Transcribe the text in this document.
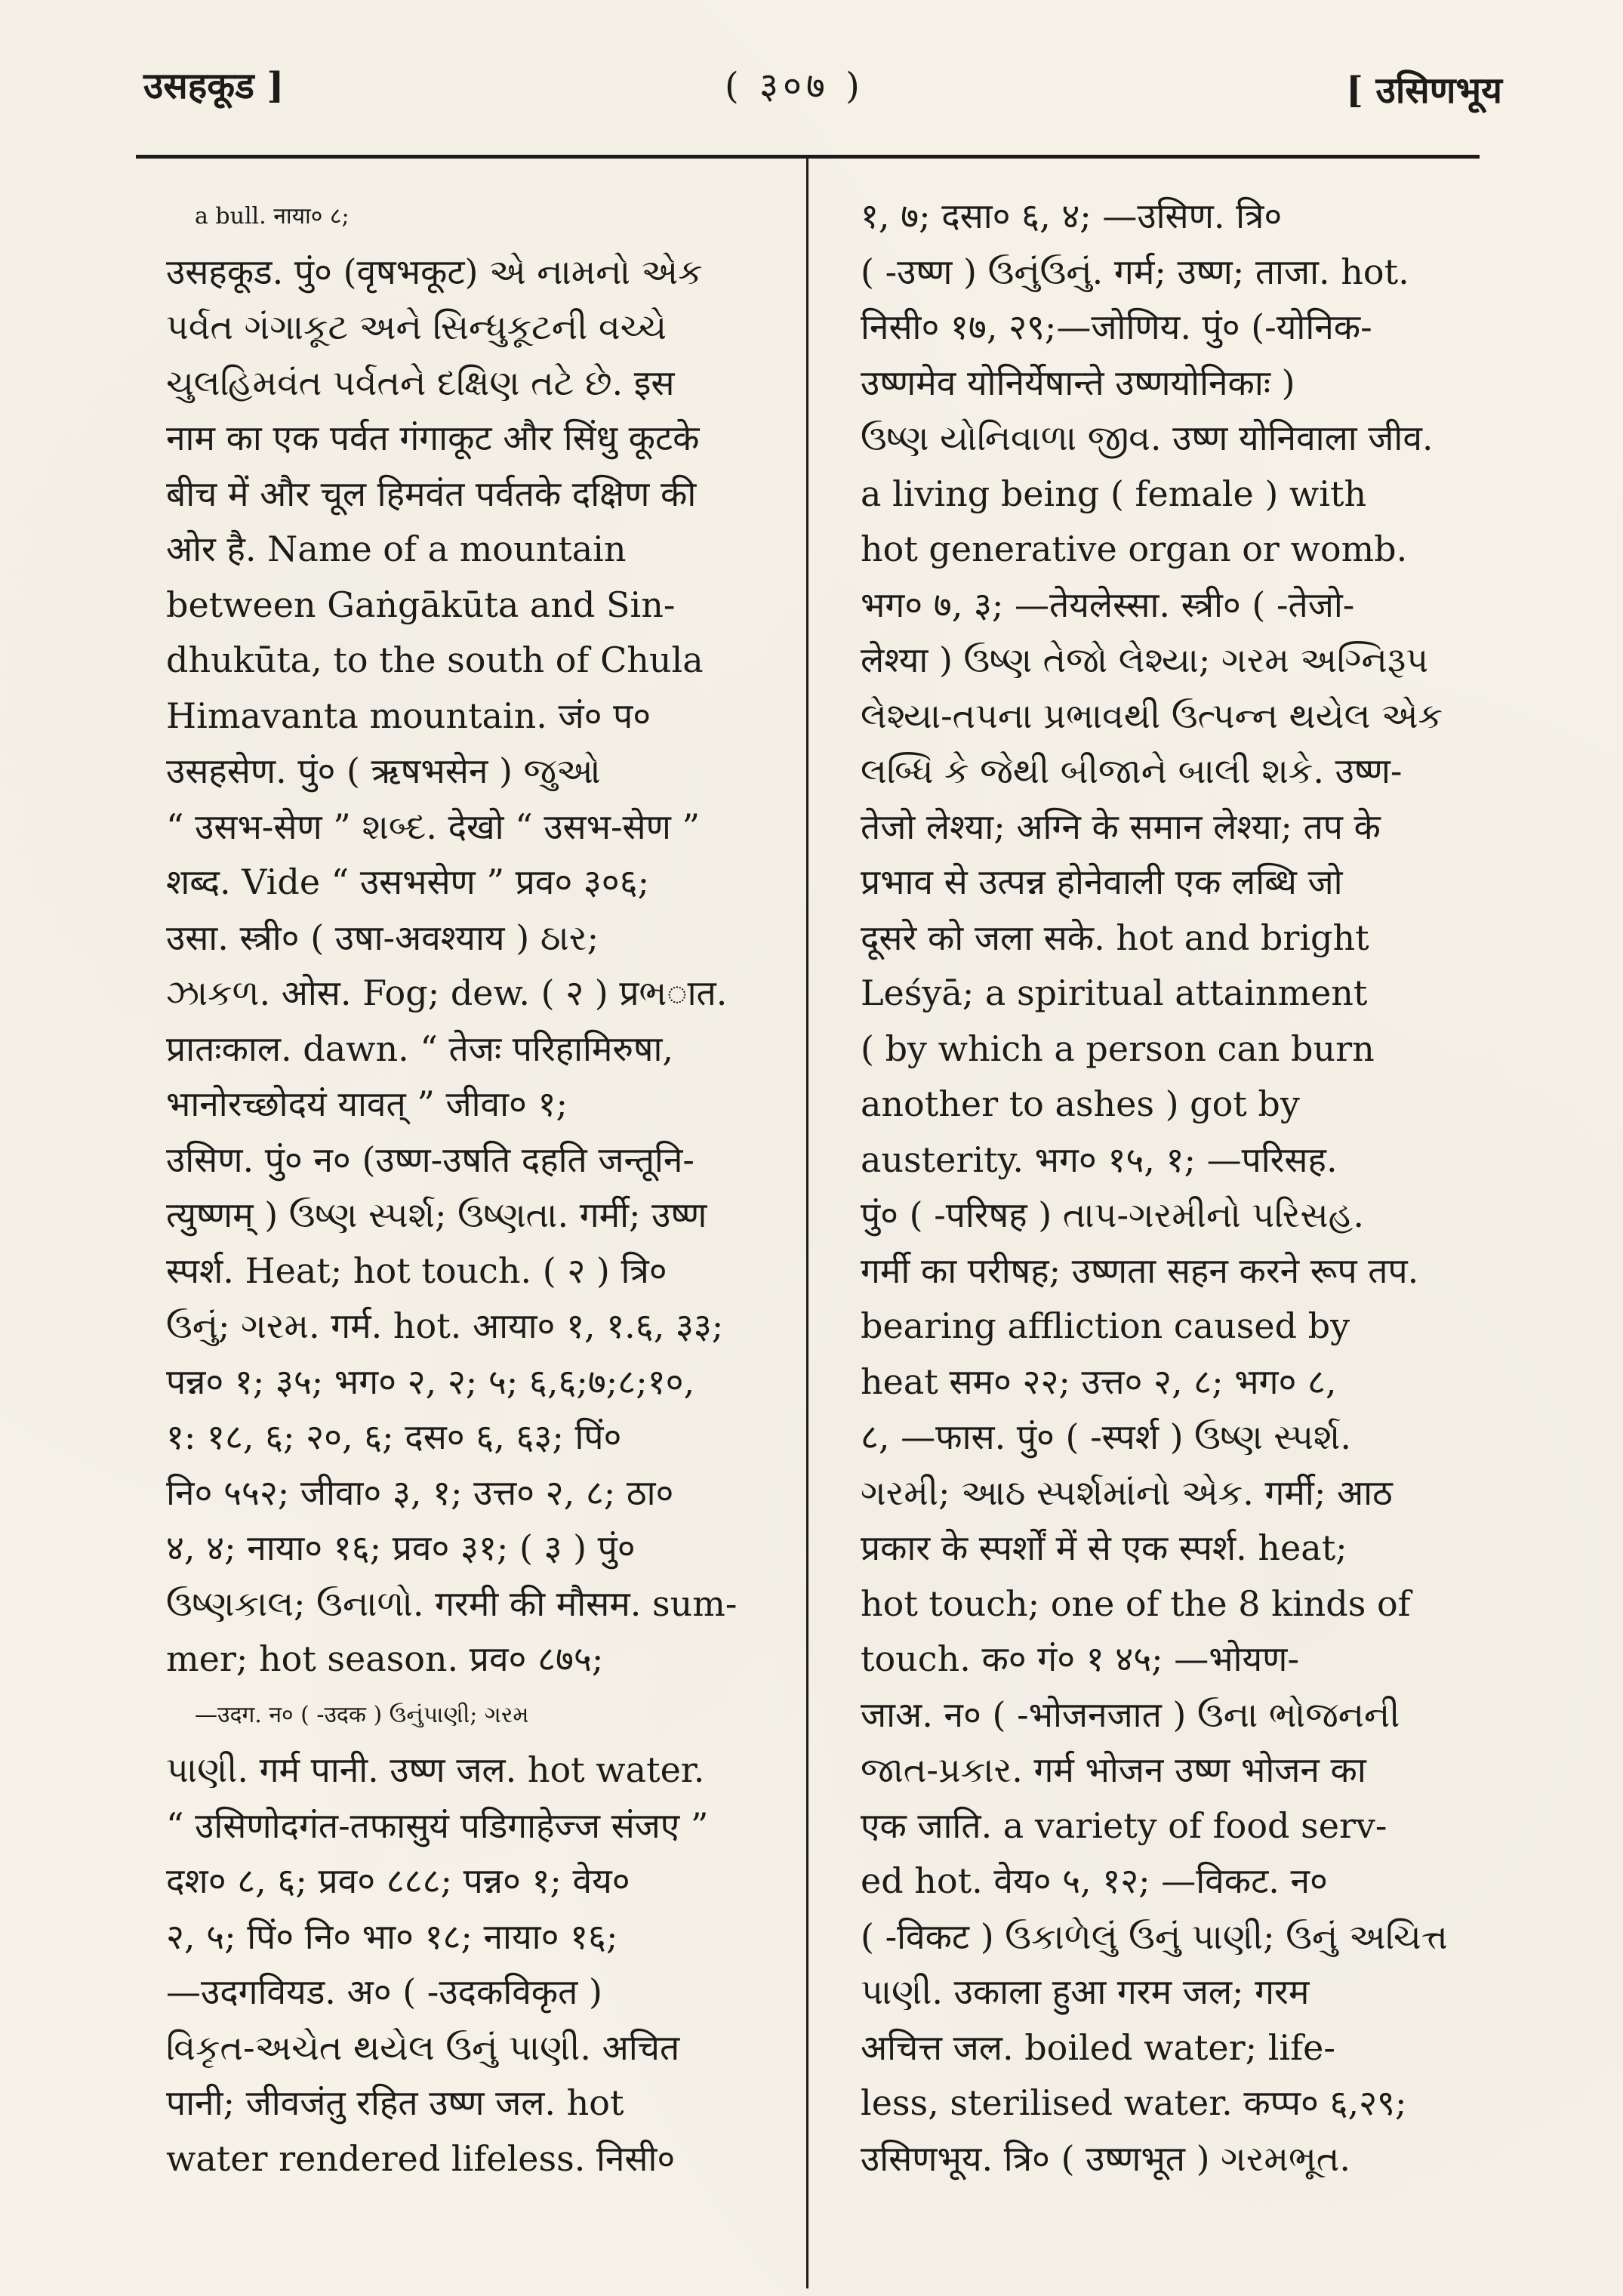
उसहकूड ]	( ३०७ )	[ उसिणभूय
a bull. नाया० ८;
उसहकूड. पुं० (वृषभकूट) એ નામનો એક
પર્વત ગંગાકૂટ અને સિન્ધુકૂટની વચ્ચે
ચુલહિમવંત પર્વતને દક્ષિણ તટે છે. इस
नाम का एक पर्वत गंगाकूट और सिंधु कूटके
बीच में और चूल हिमवंत पर्वतके दक्षिण की
ओर है. Name of a mountain
between Gaṅgākūta and Sin-
dhukūta, to the south of Chula
Himavanta mountain. जं० प०
उसहसेण. पुं० ( ऋषभसेन ) જુઓ
“ उसभ-सेण ” શબ્દ. देखो “ उसभ-सेण ”
शब्द. Vide “ उसभसेण ” प्रव० ३०६;
उसा. स्त्री० ( उषा-अवश्याय ) ઠાર;
ઝાકળ. ओस. Fog; dew. ( २ ) प्रભात.
प्रातःकाल. dawn. “ तेजः परिहामिरुषा,
भानोरच्छोदयं यावत् ” जीवा० १;
उसिण. पुं० न० (उष्ण-उषति दहति जन्तूनि-
त्युष्णम् ) ઉષ્ણ સ્પર્શ; ઉષ્ણતા. गर्मी; उष्ण
स्पर्श. Heat; hot touch. ( २ ) त्रि०
ઉનું; ગરમ. गर्म. hot. आया० १, १.६, ३३;
पन्न० १; ३५; भग० २, २; ५; ६,६;७;८;१०,
१: १८, ६; २०, ६; दस० ६, ६३; पिं०
नि० ५५२; जीवा० ३, १; उत्त० २, ८; ठा०
४, ४; नाया० १६; प्रव० ३१; ( ३ ) पुं०
ઉષ્ણકાલ; ઉનાળો. गरमी की मौसम. sum-
mer; hot season. प्रव० ८७५;
—उदग. न० ( -उदक ) ઉનુંપાણી; ગરમ
પાણી. गर्म पानी. उष्ण जल. hot water.
“ उसिणोदगंत-तफासुयं पडिगाहेज्ज संजए ”
दश० ८, ६; प्रव० ८८८; पन्न० १; वेय०
२, ५; पिं० नि० भा० १८; नाया० १६;
—उदगवियड. अ० ( -उदकविकृत )
વિકૃત-અચેત થયેલ ઉનું પાણી. अचित
पानी; जीवजंतु रहित उष्ण जल. hot
water rendered lifeless. निसी०
१, ७; दसा० ६, ४; —उसिण. त्रि०
( -उष्ण ) ઉનુંઉનું. गर्म; उष्ण; ताजा. hot.
निसी० १७, २९;—जोणिय. पुं० (-योनिक-
उष्णमेव योनिर्येषान्ते उष्णयोनिकाः )
ઉષ્ણ યોનિવાળા જીવ. उष्ण योनिवाला जीव.
a living being ( female ) with
hot generative organ or womb.
भग० ७, ३; —तेयलेस्सा. स्त्री० ( -तेजो-
लेश्या ) ઉષ્ણ તેજો લેશ્યા; ગરમ અગ્નિરૂપ
લેશ્યા-તપના પ્રભાવથી ઉત્પન્ન થયેલ એક
લબ્ધિ કે જેથી બીજાને બાલી શકે. उष्ण-
तेजो लेश्या; अग्नि के समान लेश्या; तप के
प्रभाव से उत्पन्न होनेवाली एक लब्धि जो
दूसरे को जला सके. hot and bright
Leśyā; a spiritual attainment
( by which a person can burn
another to ashes ) got by
austerity. भग० १५, १; —परिसह.
पुं० ( -परिषह ) તાપ-ગરમીનો પરિસહ.
गर्मी का परीषह; उष्णता सहन करने रूप तप.
bearing affliction caused by
heat सम० २२; उत्त० २, ८; भग० ८,
८, —फास. पुं० ( -स्पर्श ) ઉષ્ણ સ્પર્શ.
ગરમી; આઠ સ્પર્શમાંનો એક. गर्मी; आठ
प्रकार के स्पर्शों में से एक स्पर्श. heat;
hot touch; one of the 8 kinds of
touch. क० गं० १ ४५; —भोयण-
जाअ. न० ( -भोजनजात ) ઉના ભોજનની
જાત-પ્રકાર. गर्म भोजन उष्ण भोजन का
एक जाति. a variety of food serv-
ed hot. वेय० ५, १२; —विकट. न०
( -विकट ) ઉકાળેલું ઉનું પાણી; ઉનું અચિત્ત
પાણી. उकाला हुआ गरम जल; गरम
अचित्त जल. boiled water; life-
less, sterilised water. कप्प० ६,२९;
उसिणभूय. त्रि० ( उष्णभूत ) ગરમભૂત.
